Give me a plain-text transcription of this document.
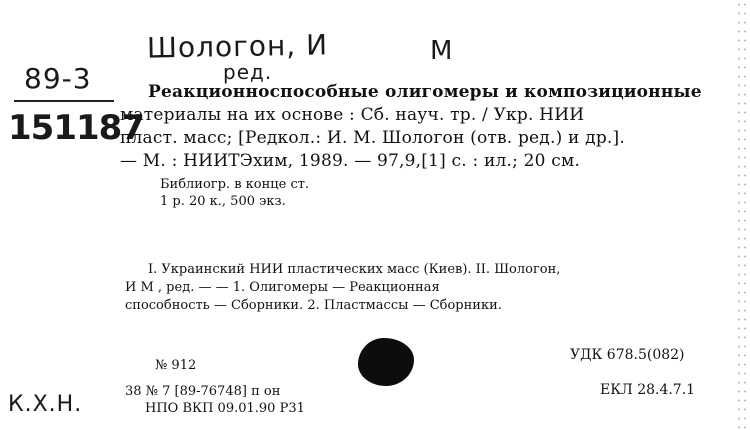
Шологон, И
ред.
М
89-3
151187
Реакционноспособные олигомеры и композиционные
материалы на их основе : Сб. науч. тр. / Укр. НИИ
пласт. масс; [Редкол.: И. М. Шологон (отв. ред.) и др.].
— М. : НИИТЭхим, 1989. — 97,9,[1] с. : ил.; 20 см.
Библиогр. в конце ст.
1 р. 20 к., 500 экз.
I. Украинский НИИ пластических масс (Киев). II. Шологон,
И М , ред. — — 1. Олигомеры — Реакционная
способность — Сборники. 2. Пластмассы — Сборники.
№ 912
38 № 7 [89-76748] п он
НПО ВКП 09.01.90 Р31
УДК 678.5(082)
ЕКЛ 28.4.7.1
К.Х.Н.
